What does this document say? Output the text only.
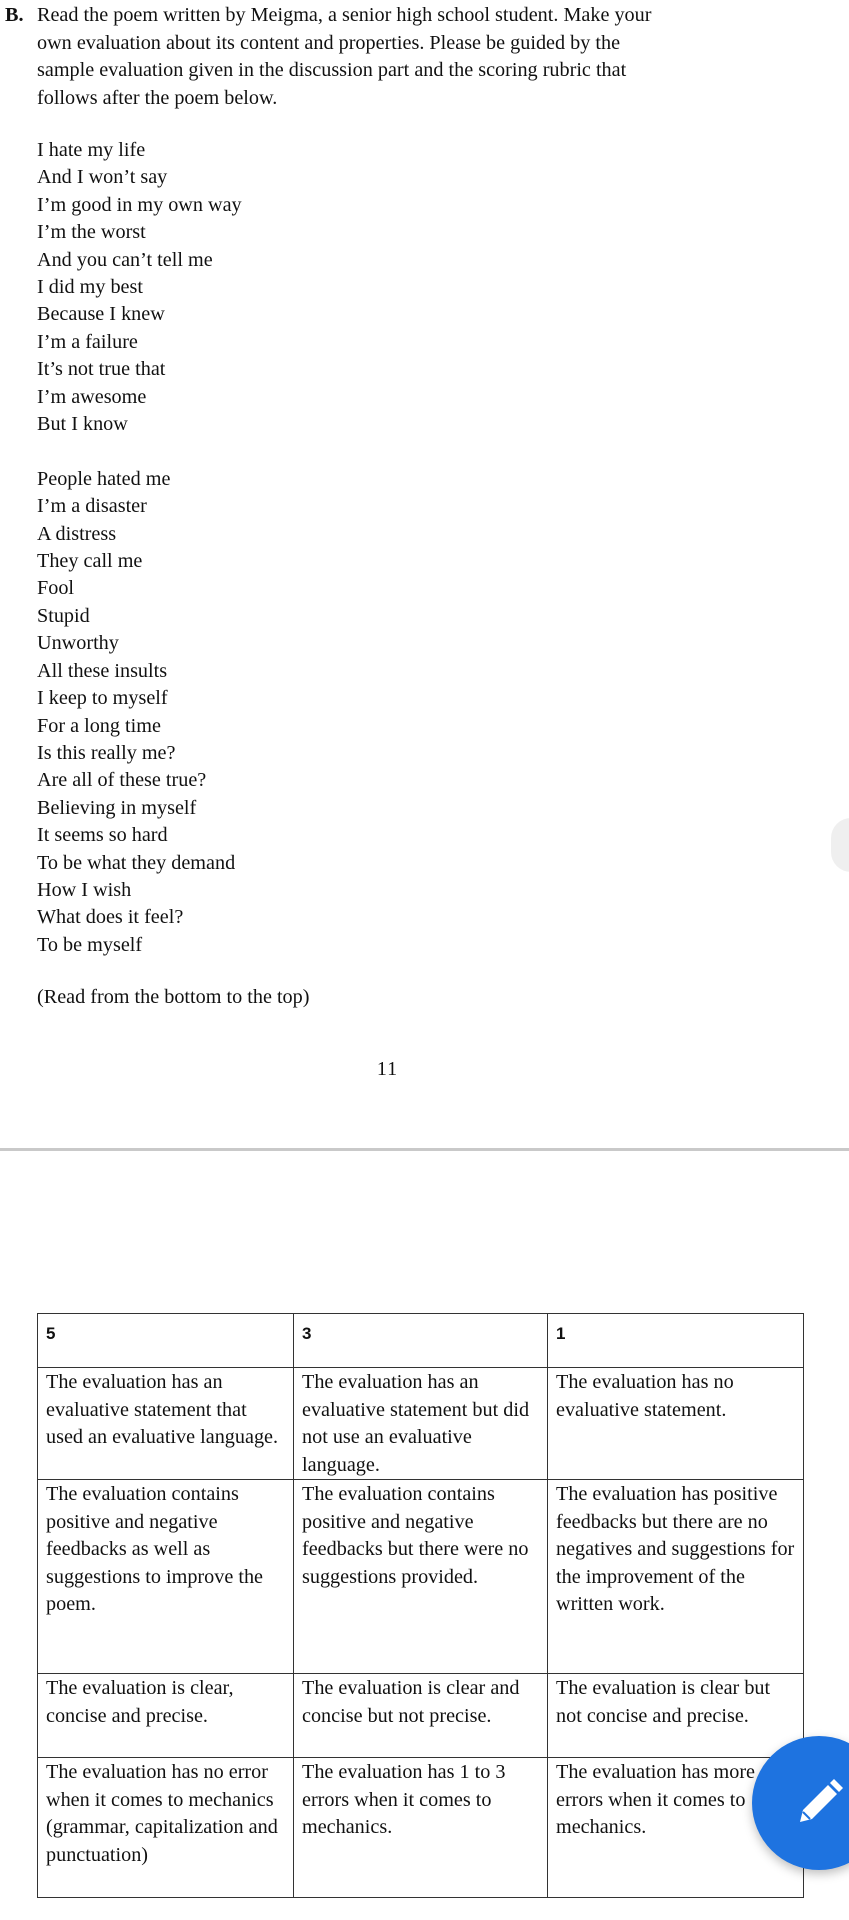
B. Read the poem written by Meigma, a senior high school student. Make your
own evaluation about its content and properties. Please be guided by the
sample evaluation given in the discussion part and the scoring rubric that
follows after the poem below.
I hate my life
And I won’t say
I’m good in my own way
I’m the worst
And you can’t tell me
I did my best
Because I knew
I’m a failure
It’s not true that
I’m awesome
But I know
People hated me
I’m a disaster
A distress
They call me
Fool
Stupid
Unworthy
All these insults
I keep to myself
For a long time
Is this really me?
Are all of these true?
Believing in myself
It seems so hard
To be what they demand
How I wish
What does it feel?
To be myself
(Read from the bottom to the top)
11
5	3	1
The evaluation has an evaluative statement that used an evaluative language.	The evaluation has an evaluative statement but did not use an evaluative language.	The evaluation has no evaluative statement.
The evaluation contains positive and negative feedbacks as well as suggestions to improve the poem.	The evaluation contains positive and negative feedbacks but there were no suggestions provided.	The evaluation has positive feedbacks but there are no negatives and suggestions for the improvement of the written work.
The evaluation is clear, concise and precise.	The evaluation is clear and concise but not precise.	The evaluation is clear but not concise and precise.
The evaluation has no error when it comes to mechanics (grammar, capitalization and punctuation)	The evaluation has 1 to 3 errors when it comes to mechanics.	The evaluation has more errors when it comes to mechanics.
